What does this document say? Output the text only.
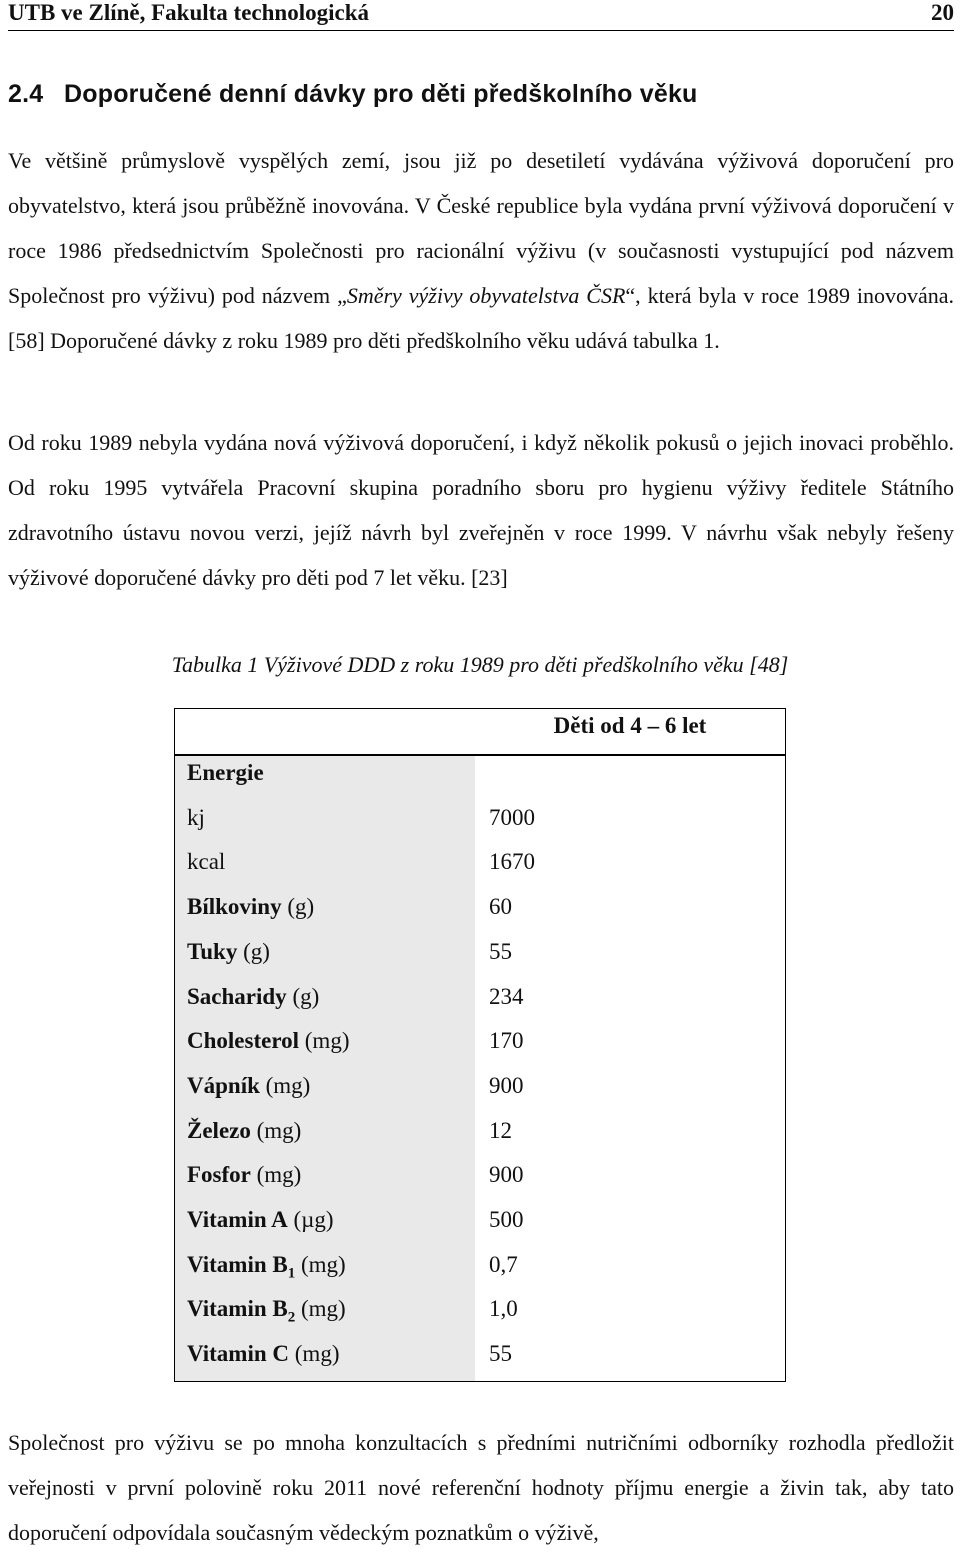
UTB ve Zlíně, Fakulta technologická	20
2.4 Doporučené denní dávky pro děti předškolního věku

Ve většině průmyslově vyspělých zemí, jsou již po desetiletí vydávána výživová doporučení pro obyvatelstvo, která jsou průběžně inovována. V České republice byla vydána první výživová doporučení v roce 1986 předsednictvím Společnosti pro racionální výživu (v současnosti vystupující pod názvem Společnost pro výživu) pod názvem „Směry výživy obyvatelstva ČSR“, která byla v roce 1989 inovována. [58] Doporučené dávky z roku 1989 pro děti předškolního věku udává tabulka 1.

Od roku 1989 nebyla vydána nová výživová doporučení, i když několik pokusů o jejich inovaci proběhlo. Od roku 1995 vytvářela Pracovní skupina poradního sboru pro hygienu výživy ředitele Státního zdravotního ústavu novou verzi, jejíž návrh byl zveřejněn v roce 1999. V návrhu však nebyly řešeny výživové doporučené dávky pro děti pod 7 let věku. [23]

Tabulka 1 Výživové DDD z roku 1989 pro děti předškolního věku [48]
Děti od 4 – 6 let
Energie
kj	7000
kcal	1670
Bílkoviny (g)	60
Tuky (g)	55
Sacharidy (g)	234
Cholesterol (mg)	170
Vápník (mg)	900
Železo (mg)	12
Fosfor (mg)	900
Vitamin A (µg)	500
Vitamin $B_1$ (mg)	0,7
Vitamin $B_2$ (mg)	1,0
Vitamin C (mg)	55

Společnost pro výživu se po mnoha konzultacích s předními nutričními odborníky rozhodla předložit veřejnosti v první polovině roku 2011 nové referenční hodnoty příjmu energie a živin tak, aby tato doporučení odpovídala současným vědeckým poznatkům o výživě,
